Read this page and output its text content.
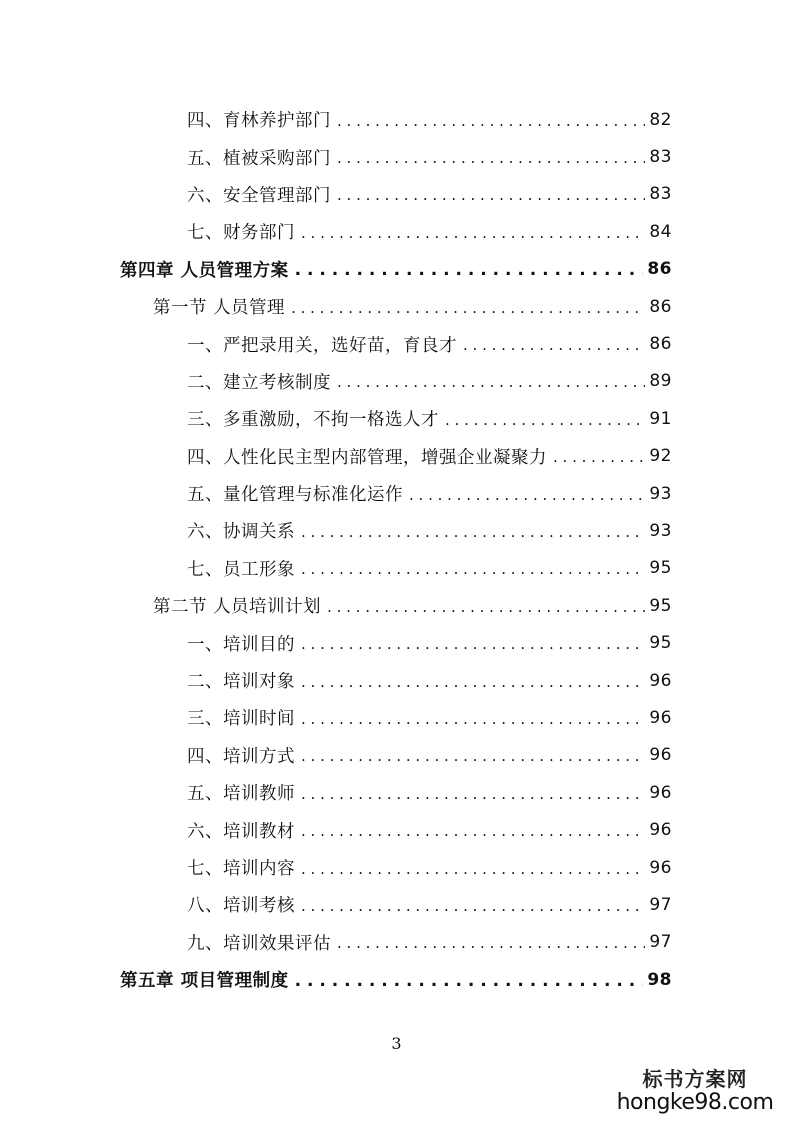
四、育林养护部门 . . .	82
五、植被采购部门 . . .	83
六、安全管理部门 . . .	83
七、财务部门 . . .	84
第四章 人员管理方案 . . .	86
第一节 人员管理 . . .	86
一、严把录用关，选好苗，育良才 . . .	86
二、建立考核制度 . . .	89
三、多重激励，不拘一格选人才 . . .	91
四、人性化民主型内部管理，增强企业凝聚力 . . .	92
五、量化管理与标准化运作 . . .	93
六、协调关系 . . .	93
七、员工形象 . . .	95
第二节 人员培训计划 . . .	95
一、培训目的 . . .	95
二、培训对象 . . .	96
三、培训时间 . . .	96
四、培训方式 . . .	96
五、培训教师 . . .	96
六、培训教材 . . .	96
七、培训内容 . . .	96
八、培训考核 . . .	97
九、培训效果评估 . . .	97
第五章 项目管理制度 . . .	98
3
标书方案网
hongke98.com
